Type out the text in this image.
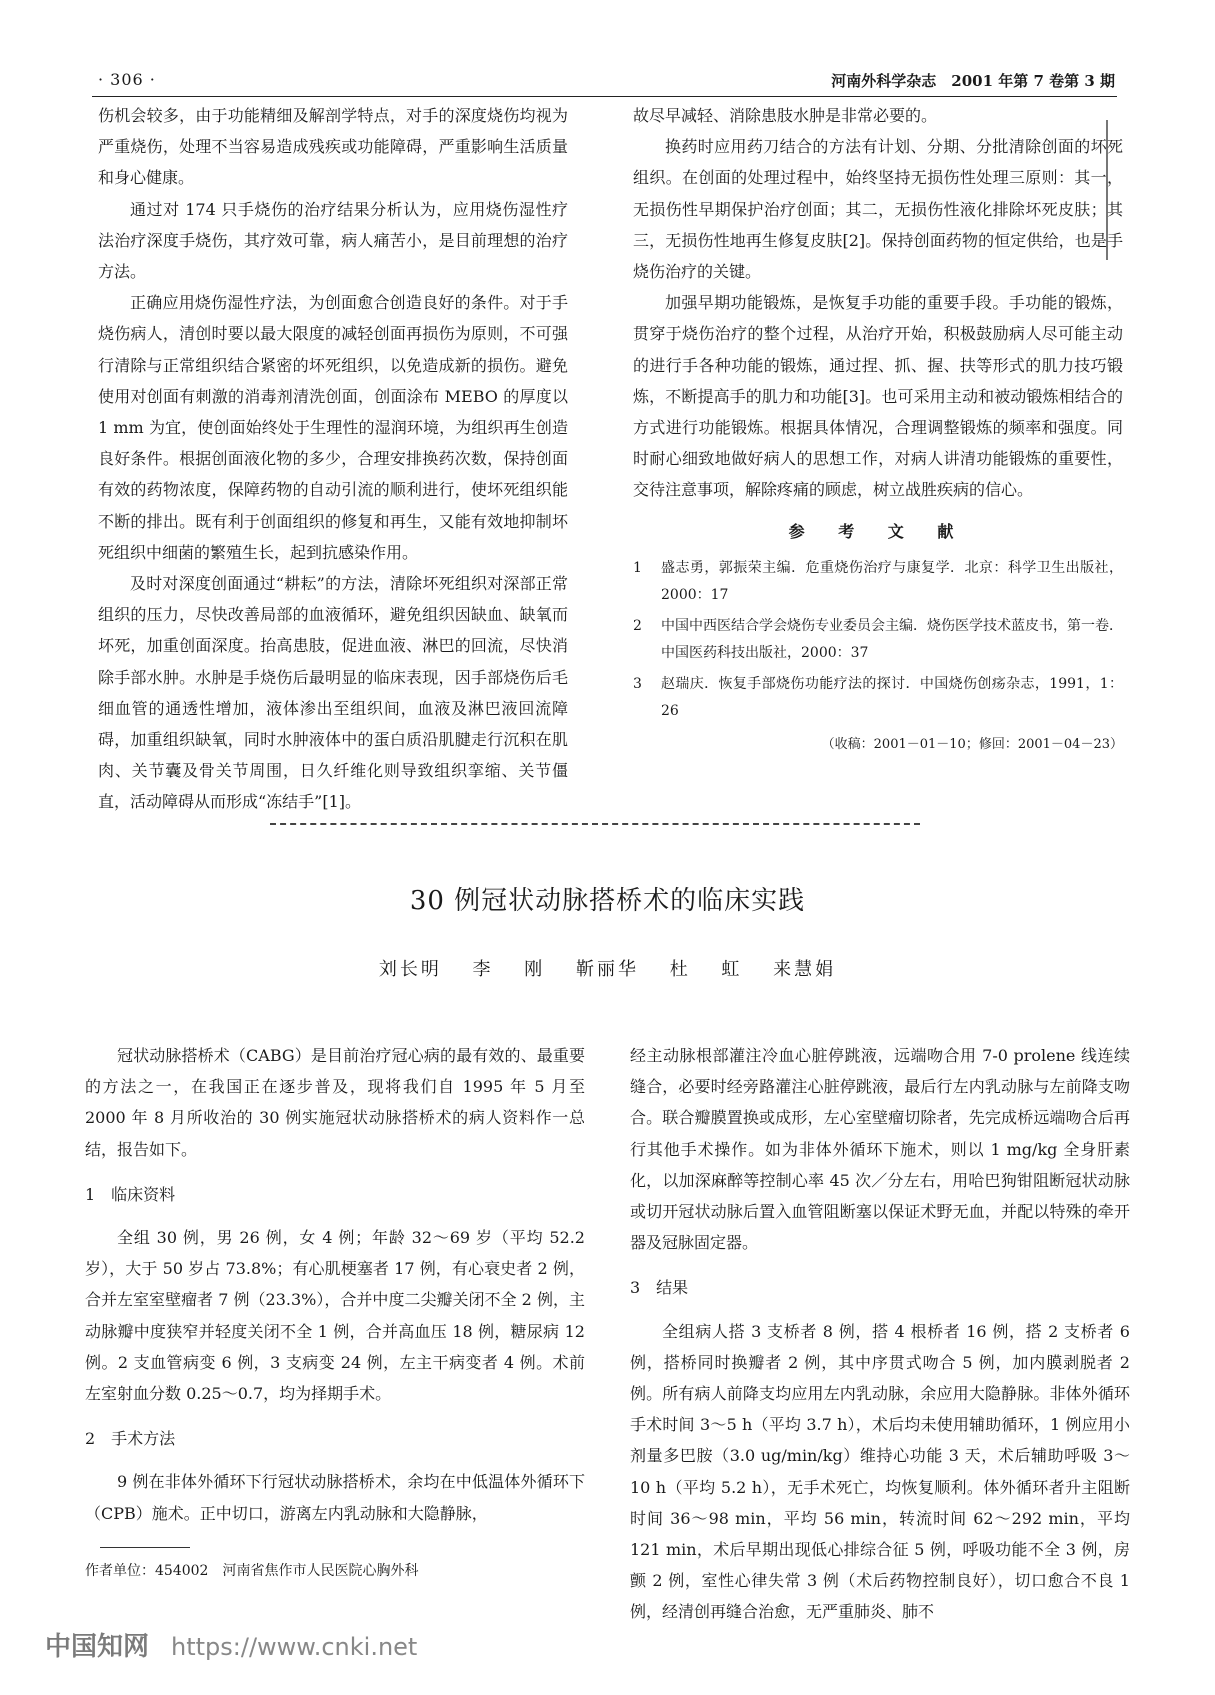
· 306 ·	河南外科学杂志　2001 年第 7 卷第 3 期

伤机会较多，由于功能精细及解剖学特点，对手的深度烧伤均视为严重烧伤，处理不当容易造成残疾或功能障碍，严重影响生活质量和身心健康。

通过对 174 只手烧伤的治疗结果分析认为，应用烧伤湿性疗法治疗深度手烧伤，其疗效可靠，病人痛苦小，是目前理想的治疗方法。

正确应用烧伤湿性疗法，为创面愈合创造良好的条件。对于手烧伤病人，清创时要以最大限度的减轻创面再损伤为原则，不可强行清除与正常组织结合紧密的坏死组织，以免造成新的损伤。避免使用对创面有刺激的消毒剂清洗创面，创面涂布 MEBO 的厚度以 1 mm 为宜，使创面始终处于生理性的湿润环境，为组织再生创造良好条件。根据创面液化物的多少，合理安排换药次数，保持创面有效的药物浓度，保障药物的自动引流的顺利进行，使坏死组织能不断的排出。既有利于创面组织的修复和再生，又能有效地抑制坏死组织中细菌的繁殖生长，起到抗感染作用。

及时对深度创面通过“耕耘”的方法，清除坏死组织对深部正常组织的压力，尽快改善局部的血液循环，避免组织因缺血、缺氧而坏死，加重创面深度。抬高患肢，促进血液、淋巴的回流，尽快消除手部水肿。水肿是手烧伤后最明显的临床表现，因手部烧伤后毛细血管的通透性增加，液体渗出至组织间，血液及淋巴液回流障碍，加重组织缺氧，同时水肿液体中的蛋白质沿肌腱走行沉积在肌肉、关节囊及骨关节周围，日久纤维化则导致组织挛缩、关节僵直，活动障碍从而形成“冻结手”[1]。

故尽早减轻、消除患肢水肿是非常必要的。

换药时应用药刀结合的方法有计划、分期、分批清除创面的坏死组织。在创面的处理过程中，始终坚持无损伤性处理三原则：其一，无损伤性早期保护治疗创面；其二，无损伤性液化排除坏死皮肤；其三，无损伤性地再生修复皮肤[2]。保持创面药物的恒定供给，也是手烧伤治疗的关键。

加强早期功能锻炼，是恢复手功能的重要手段。手功能的锻炼，贯穿于烧伤治疗的整个过程，从治疗开始，积极鼓励病人尽可能主动的进行手各种功能的锻炼，通过捏、抓、握、扶等形式的肌力技巧锻炼，不断提高手的肌力和功能[3]。也可采用主动和被动锻炼相结合的方式进行功能锻炼。根据具体情况，合理调整锻炼的频率和强度。同时耐心细致地做好病人的思想工作，对病人讲清功能锻炼的重要性，交待注意事项，解除疼痛的顾虑，树立战胜疾病的信心。

参 考 文 献
1 盛志勇，郭振荣主编．危重烧伤治疗与康复学．北京：科学卫生出版社，2000：17
2 中国中西医结合学会烧伤专业委员会主编．烧伤医学技术蓝皮书，第一卷．中国医药科技出版社，2000：37
3 赵瑞庆．恢复手部烧伤功能疗法的探讨．中国烧伤创疡杂志，1991，1：26
（收稿：2001－01－10；修回：2001－04－23）
30 例冠状动脉搭桥术的临床实践
刘长明 李 刚 靳丽华 杜 虹 来慧娟

冠状动脉搭桥术（CABG）是目前治疗冠心病的最有效的、最重要的方法之一，在我国正在逐步普及，现将我们自 1995 年 5 月至 2000 年 8 月所收治的 30 例实施冠状动脉搭桥术的病人资料作一总结，报告如下。

1　临床资料

全组 30 例，男 26 例，女 4 例；年龄 32～69 岁（平均 52.2 岁），大于 50 岁占 73.8%；有心肌梗塞者 17 例，有心衰史者 2 例，合并左室室壁瘤者 7 例（23.3%），合并中度二尖瓣关闭不全 2 例，主动脉瓣中度狭窄并轻度关闭不全 1 例，合并高血压 18 例，糖尿病 12 例。2 支血管病变 6 例，3 支病变 24 例，左主干病变者 4 例。术前左室射血分数 0.25～0.7，均为择期手术。

2　手术方法

9 例在非体外循环下行冠状动脉搭桥术，余均在中低温体外循环下（CPB）施术。正中切口，游离左内乳动脉和大隐静脉，

经主动脉根部灌注冷血心脏停跳液，远端吻合用 7-0 prolene 线连续缝合，必要时经旁路灌注心脏停跳液，最后行左内乳动脉与左前降支吻合。联合瓣膜置换或成形，左心室壁瘤切除者，先完成桥远端吻合后再行其他手术操作。如为非体外循环下施术，则以 1 mg/kg 全身肝素化，以加深麻醉等控制心率 45 次／分左右，用哈巴狗钳阻断冠状动脉或切开冠状动脉后置入血管阻断塞以保证术野无血，并配以特殊的牵开器及冠脉固定器。

3　结果

全组病人搭 3 支桥者 8 例，搭 4 根桥者 16 例，搭 2 支桥者 6 例，搭桥同时换瓣者 2 例，其中序贯式吻合 5 例，加内膜剥脱者 2 例。所有病人前降支均应用左内乳动脉，余应用大隐静脉。非体外循环手术时间 3～5 h（平均 3.7 h），术后均未使用辅助循环，1 例应用小剂量多巴胺（3.0 ug/min/kg）维持心功能 3 天，术后辅助呼吸 3～10 h（平均 5.2 h），无手术死亡，均恢复顺利。体外循环者升主阻断时间 36～98 min，平均 56 min，转流时间 62～292 min，平均 121 min，术后早期出现低心排综合征 5 例，呼吸功能不全 3 例，房颤 2 例，室性心律失常 3 例（术后药物控制良好），切口愈合不良 1 例，经清创再缝合治愈，无严重肺炎、肺不

作者单位：454002　河南省焦作市人民医院心胸外科
中国知网 https://www.cnki.net
